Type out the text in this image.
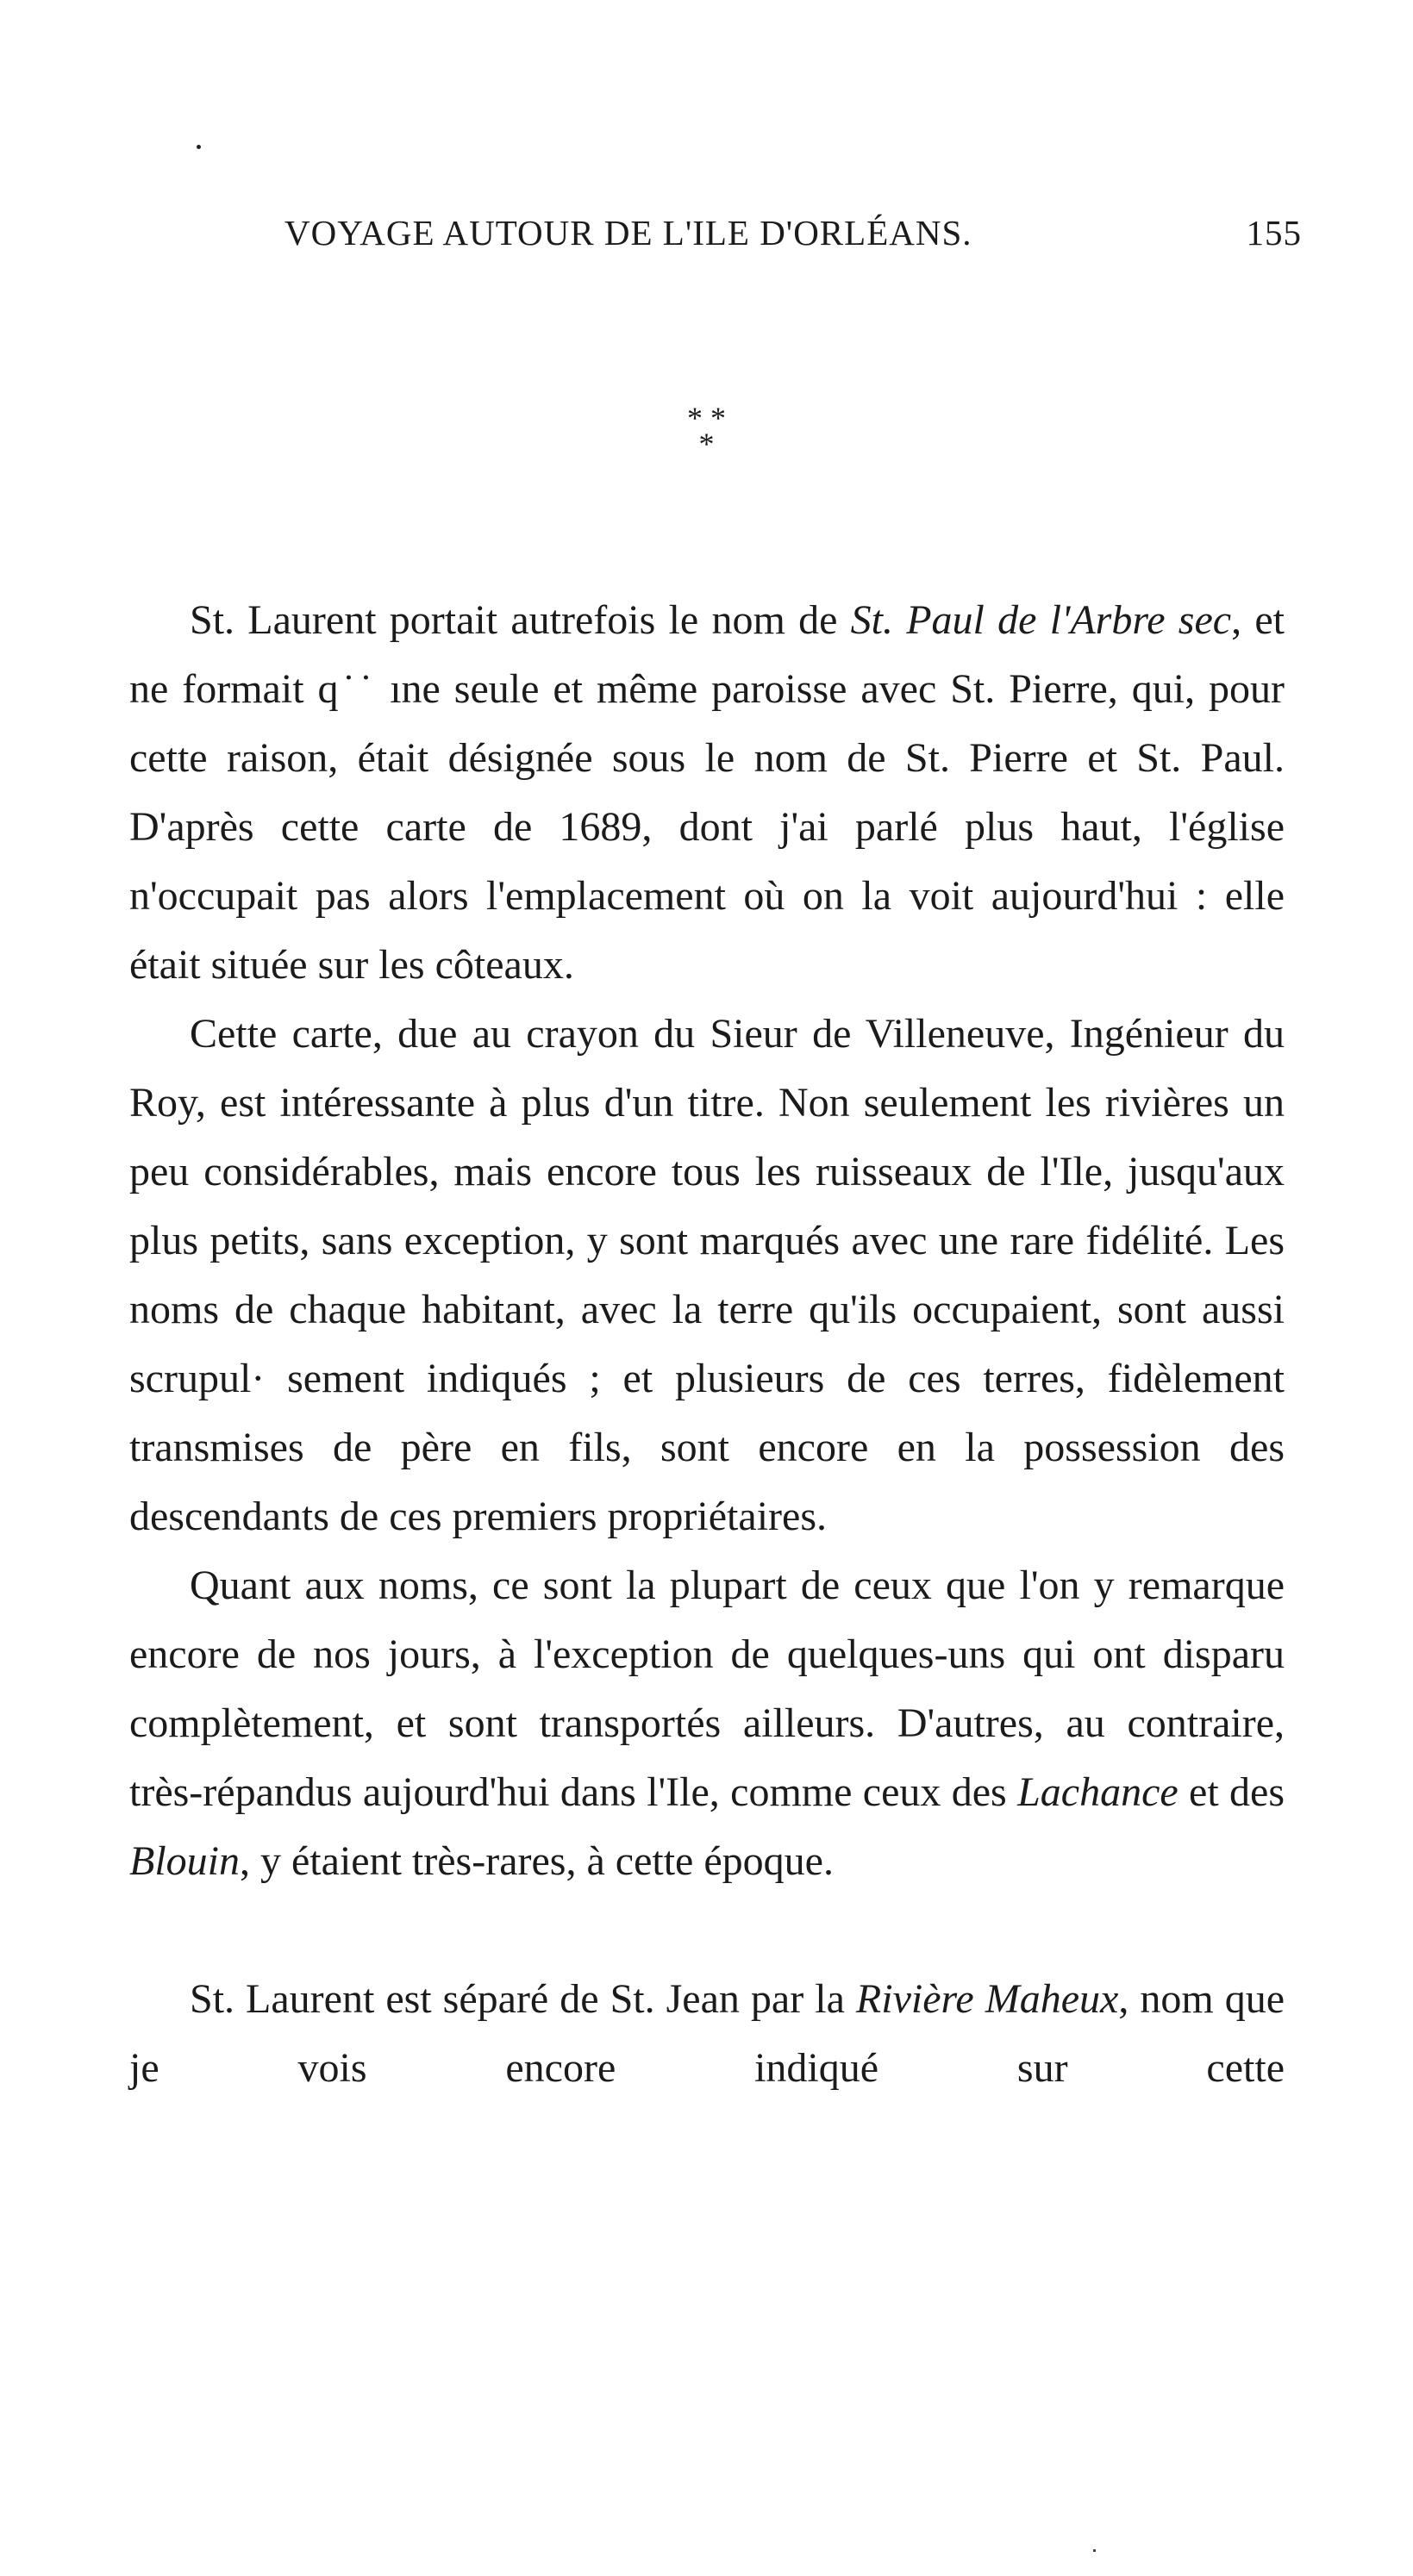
VOYAGE AUTOUR DE L'ILE D'ORLÉANS.	155
* *
*

St. Laurent portait autrefois le nom de St. Paul de l'Arbre sec, et ne formait q˙˙ ıne seule et même paroisse avec St. Pierre, qui, pour cette raison, était désignée sous le nom de St. Pierre et St. Paul. D'après cette carte de 1689, dont j'ai parlé plus haut, l'église n'occupait pas alors l'emplacement où on la voit aujourd'hui : elle était située sur les côteaux.

Cette carte, due au crayon du Sieur de Villeneuve, Ingénieur du Roy, est intéressante à plus d'un titre. Non seulement les rivières un peu considérables, mais encore tous les ruisseaux de l'Ile, jusqu'aux plus petits, sans exception, y sont marqués avec une rare fidélité. Les noms de chaque habitant, avec la terre qu'ils occupaient, sont aussi scrupul· sement indiqués ; et plusieurs de ces terres, fidèlement transmises de père en fils, sont encore en la possession des descendants de ces premiers propriétaires.

Quant aux noms, ce sont la plupart de ceux que l'on y remarque encore de nos jours, à l'exception de quelques-uns qui ont disparu complètement, et sont transportés ailleurs. D'autres, au contraire, très-répandus aujourd'hui dans l'Ile, comme ceux des Lachance et des Blouin, y étaient très-rares, à cette époque.

St. Laurent est séparé de St. Jean par la Rivière Maheux, nom que je vois encore indiqué sur cette
